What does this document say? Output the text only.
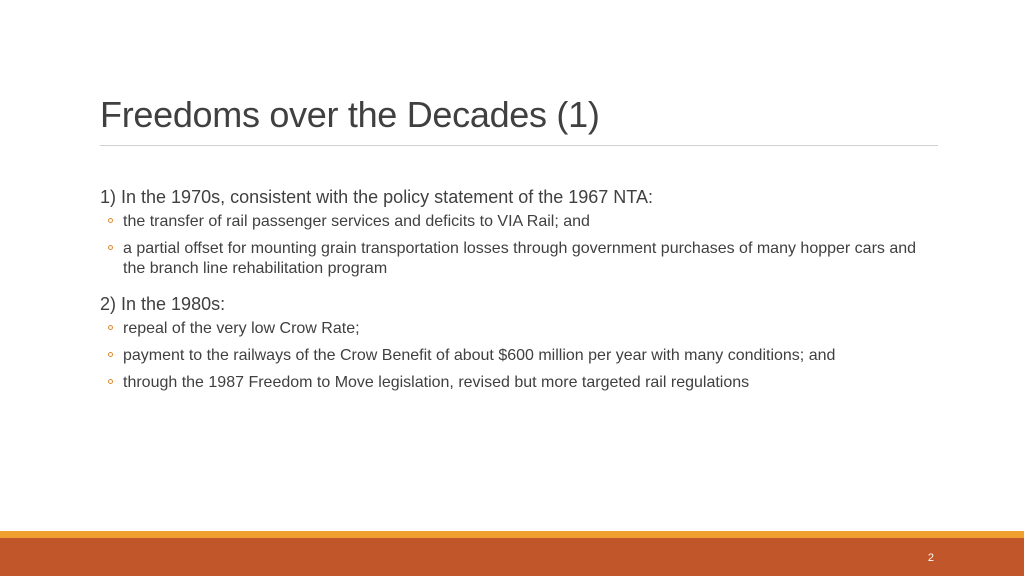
Freedoms over the Decades (1)
1) In the 1970s, consistent with the policy statement of the 1967 NTA:
the transfer of rail passenger services and deficits to VIA Rail; and
a partial offset for mounting grain transportation losses through government purchases of many hopper cars and the branch line rehabilitation program
2) In the 1980s:
repeal of the very low Crow Rate;
payment to the railways of the Crow Benefit of about $600 million per year with many conditions; and
through the 1987 Freedom to Move legislation, revised but more targeted rail regulations
2
